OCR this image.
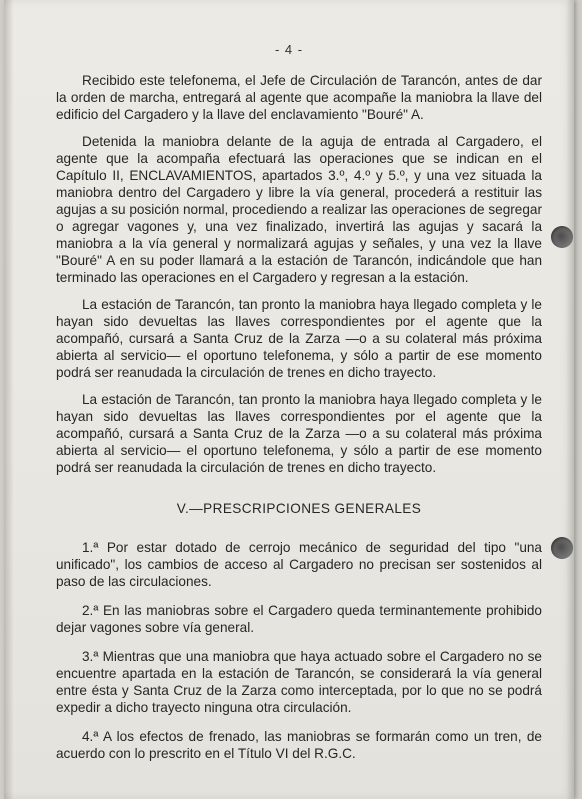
- 4 -

Recibido este telefonema, el Jefe de Circulación de Tarancón, antes de dar la orden de marcha, entregará al agente que acompañe la maniobra la llave del edificio del Cargadero y la llave del enclavamiento "Bouré" A.

Detenida la maniobra delante de la aguja de entrada al Cargadero, el agente que la acompaña efectuará las operaciones que se indican en el Capítulo II, ENCLAVAMIENTOS, apartados 3.º, 4.º y 5.º, y una vez situada la maniobra dentro del Cargadero y libre la vía general, procederá a restituir las agujas a su posición normal, procediendo a realizar las operaciones de segregar o agregar vagones y, una vez finalizado, invertirá las agujas y sacará la maniobra a la vía general y normalizará agujas y señales, y una vez la llave "Bouré" A en su poder llamará a la estación de Tarancón, indicándole que han terminado las operaciones en el Cargadero y regresan a la estación.

La estación de Tarancón, tan pronto la maniobra haya llegado completa y le hayan sido devueltas las llaves correspondientes por el agente que la acompañó, cursará a Santa Cruz de la Zarza —o a su colateral más próxima abierta al servicio— el oportuno telefonema, y sólo a partir de ese momento podrá ser reanudada la circulación de trenes en dicho trayecto.

La estación de Tarancón, tan pronto la maniobra haya llegado completa y le hayan sido devueltas las llaves correspondientes por el agente que la acompañó, cursará a Santa Cruz de la Zarza —o a su colateral más próxima abierta al servicio— el oportuno telefonema, y sólo a partir de ese momento podrá ser reanudada la circulación de trenes en dicho trayecto.

V.—PRESCRIPCIONES GENERALES

1.ª Por estar dotado de cerrojo mecánico de seguridad del tipo "una unificado", los cambios de acceso al Cargadero no precisan ser sostenidos al paso de las circulaciones.

2.ª En las maniobras sobre el Cargadero queda terminantemente prohibido dejar vagones sobre vía general.

3.ª Mientras que una maniobra que haya actuado sobre el Cargadero no se encuentre apartada en la estación de Tarancón, se considerará la vía general entre ésta y Santa Cruz de la Zarza como interceptada, por lo que no se podrá expedir a dicho trayecto ninguna otra circulación.

4.ª A los efectos de frenado, las maniobras se formarán como un tren, de acuerdo con lo prescrito en el Título VI del R.G.C.
